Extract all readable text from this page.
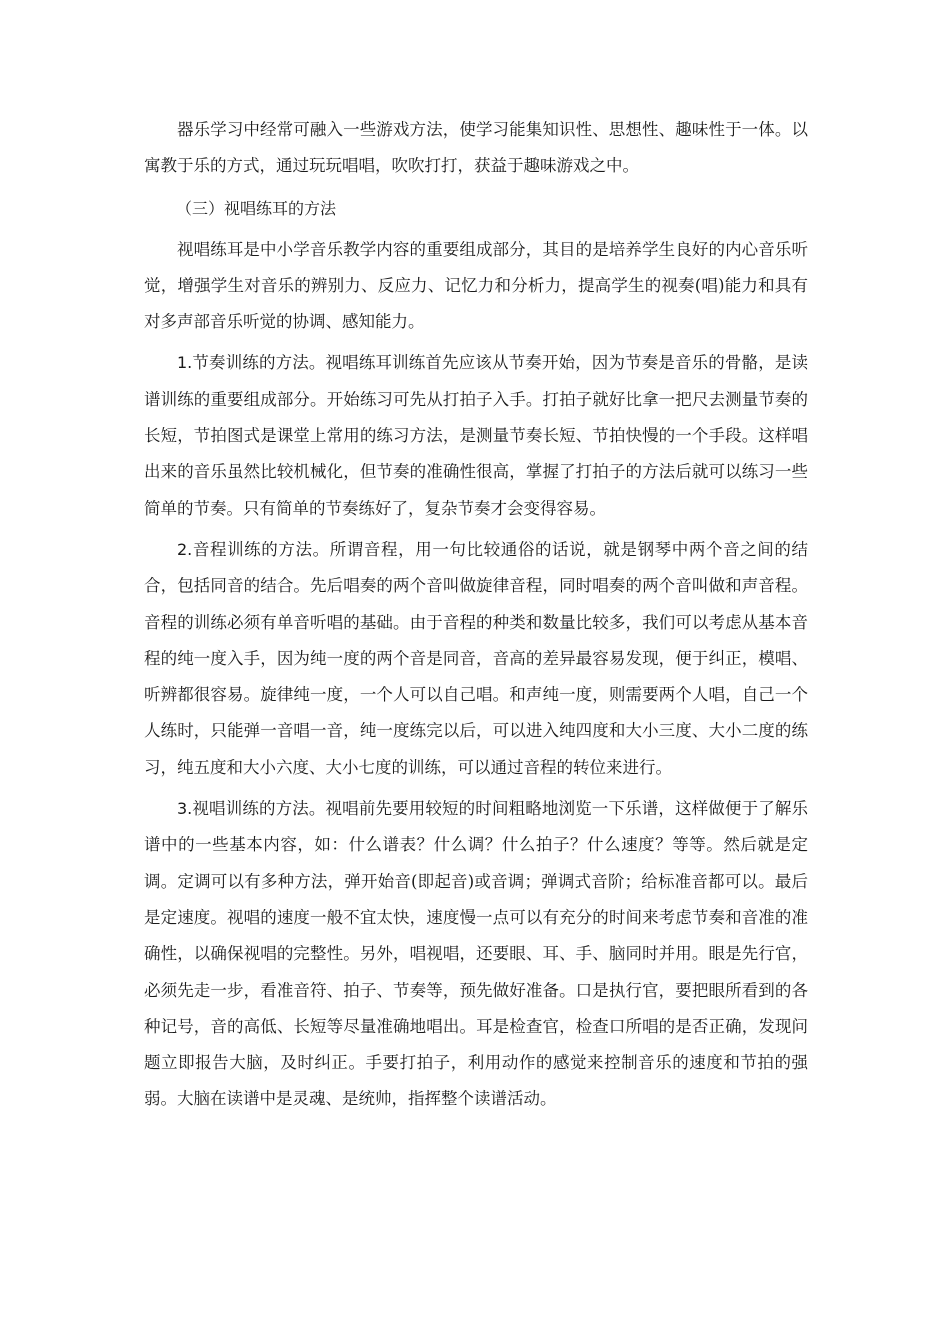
器乐学习中经常可融入一些游戏方法，使学习能集知识性、思想性、趣味性于一体。以寓教于乐的方式，通过玩玩唱唱，吹吹打打，获益于趣味游戏之中。

（三）视唱练耳的方法

视唱练耳是中小学音乐教学内容的重要组成部分，其目的是培养学生良好的内心音乐听觉，增强学生对音乐的辨别力、反应力、记忆力和分析力，提高学生的视奏(唱)能力和具有对多声部音乐听觉的协调、感知能力。

1.节奏训练的方法。视唱练耳训练首先应该从节奏开始，因为节奏是音乐的骨骼，是读谱训练的重要组成部分。开始练习可先从打拍子入手。打拍子就好比拿一把尺去测量节奏的长短，节拍图式是课堂上常用的练习方法，是测量节奏长短、节拍快慢的一个手段。这样唱出来的音乐虽然比较机械化，但节奏的准确性很高，掌握了打拍子的方法后就可以练习一些简单的节奏。只有简单的节奏练好了，复杂节奏才会变得容易。

2.音程训练的方法。所谓音程，用一句比较通俗的话说，就是钢琴中两个音之间的结合，包括同音的结合。先后唱奏的两个音叫做旋律音程，同时唱奏的两个音叫做和声音程。音程的训练必须有单音听唱的基础。由于音程的种类和数量比较多，我们可以考虑从基本音程的纯一度入手，因为纯一度的两个音是同音，音高的差异最容易发现，便于纠正，模唱、听辨都很容易。旋律纯一度，一个人可以自己唱。和声纯一度，则需要两个人唱，自己一个人练时，只能弹一音唱一音，纯一度练完以后，可以进入纯四度和大小三度、大小二度的练习，纯五度和大小六度、大小七度的训练，可以通过音程的转位来进行。

3.视唱训练的方法。视唱前先要用较短的时间粗略地浏览一下乐谱，这样做便于了解乐谱中的一些基本内容，如：什么谱表？什么调？什么拍子？什么速度？等等。然后就是定调。定调可以有多种方法，弹开始音(即起音)或音调；弹调式音阶；给标准音都可以。最后是定速度。视唱的速度一般不宜太快，速度慢一点可以有充分的时间来考虑节奏和音准的准确性，以确保视唱的完整性。另外，唱视唱，还要眼、耳、手、脑同时并用。眼是先行官，必须先走一步，看准音符、拍子、节奏等，预先做好准备。口是执行官，要把眼所看到的各种记号，音的高低、长短等尽量准确地唱出。耳是检查官，检查口所唱的是否正确，发现问题立即报告大脑，及时纠正。手要打拍子，利用动作的感觉来控制音乐的速度和节拍的强弱。大脑在读谱中是灵魂、是统帅，指挥整个读谱活动。
